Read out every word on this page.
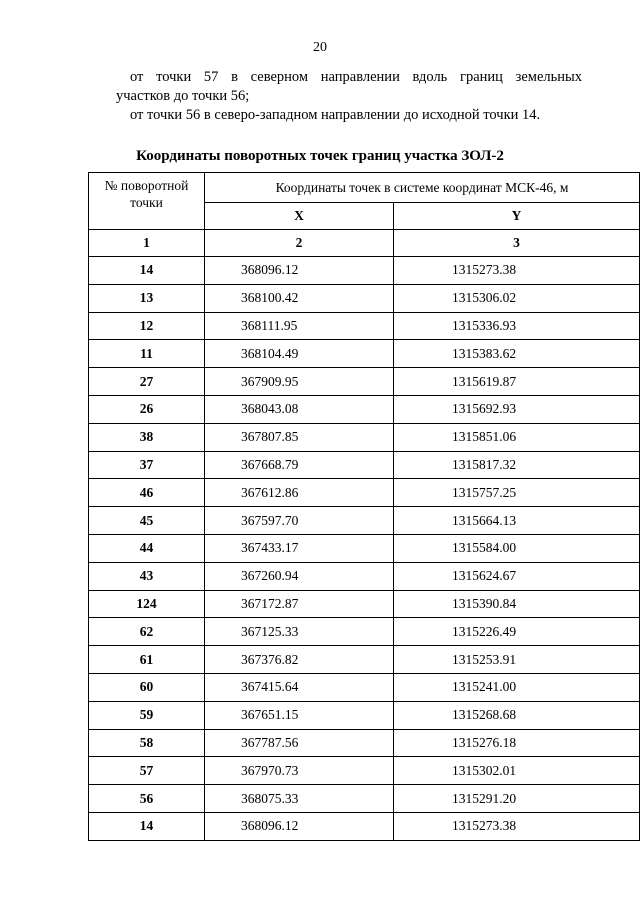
20
от точки 57 в северном направлении вдоль границ земельных
участков до точки 56;
от точки 56 в северо-западном направлении до исходной точки 14.
Координаты поворотных точек границ участка ЗОЛ-2
№ поворотной точки	Координаты точек в системе координат МСК-46, м	
	X	Y
1	2	3
14	368096.12	1315273.38
13	368100.42	1315306.02
12	368111.95	1315336.93
11	368104.49	1315383.62
27	367909.95	1315619.87
26	368043.08	1315692.93
38	367807.85	1315851.06
37	367668.79	1315817.32
46	367612.86	1315757.25
45	367597.70	1315664.13
44	367433.17	1315584.00
43	367260.94	1315624.67
124	367172.87	1315390.84
62	367125.33	1315226.49
61	367376.82	1315253.91
60	367415.64	1315241.00
59	367651.15	1315268.68
58	367787.56	1315276.18
57	367970.73	1315302.01
56	368075.33	1315291.20
14	368096.12	1315273.38
